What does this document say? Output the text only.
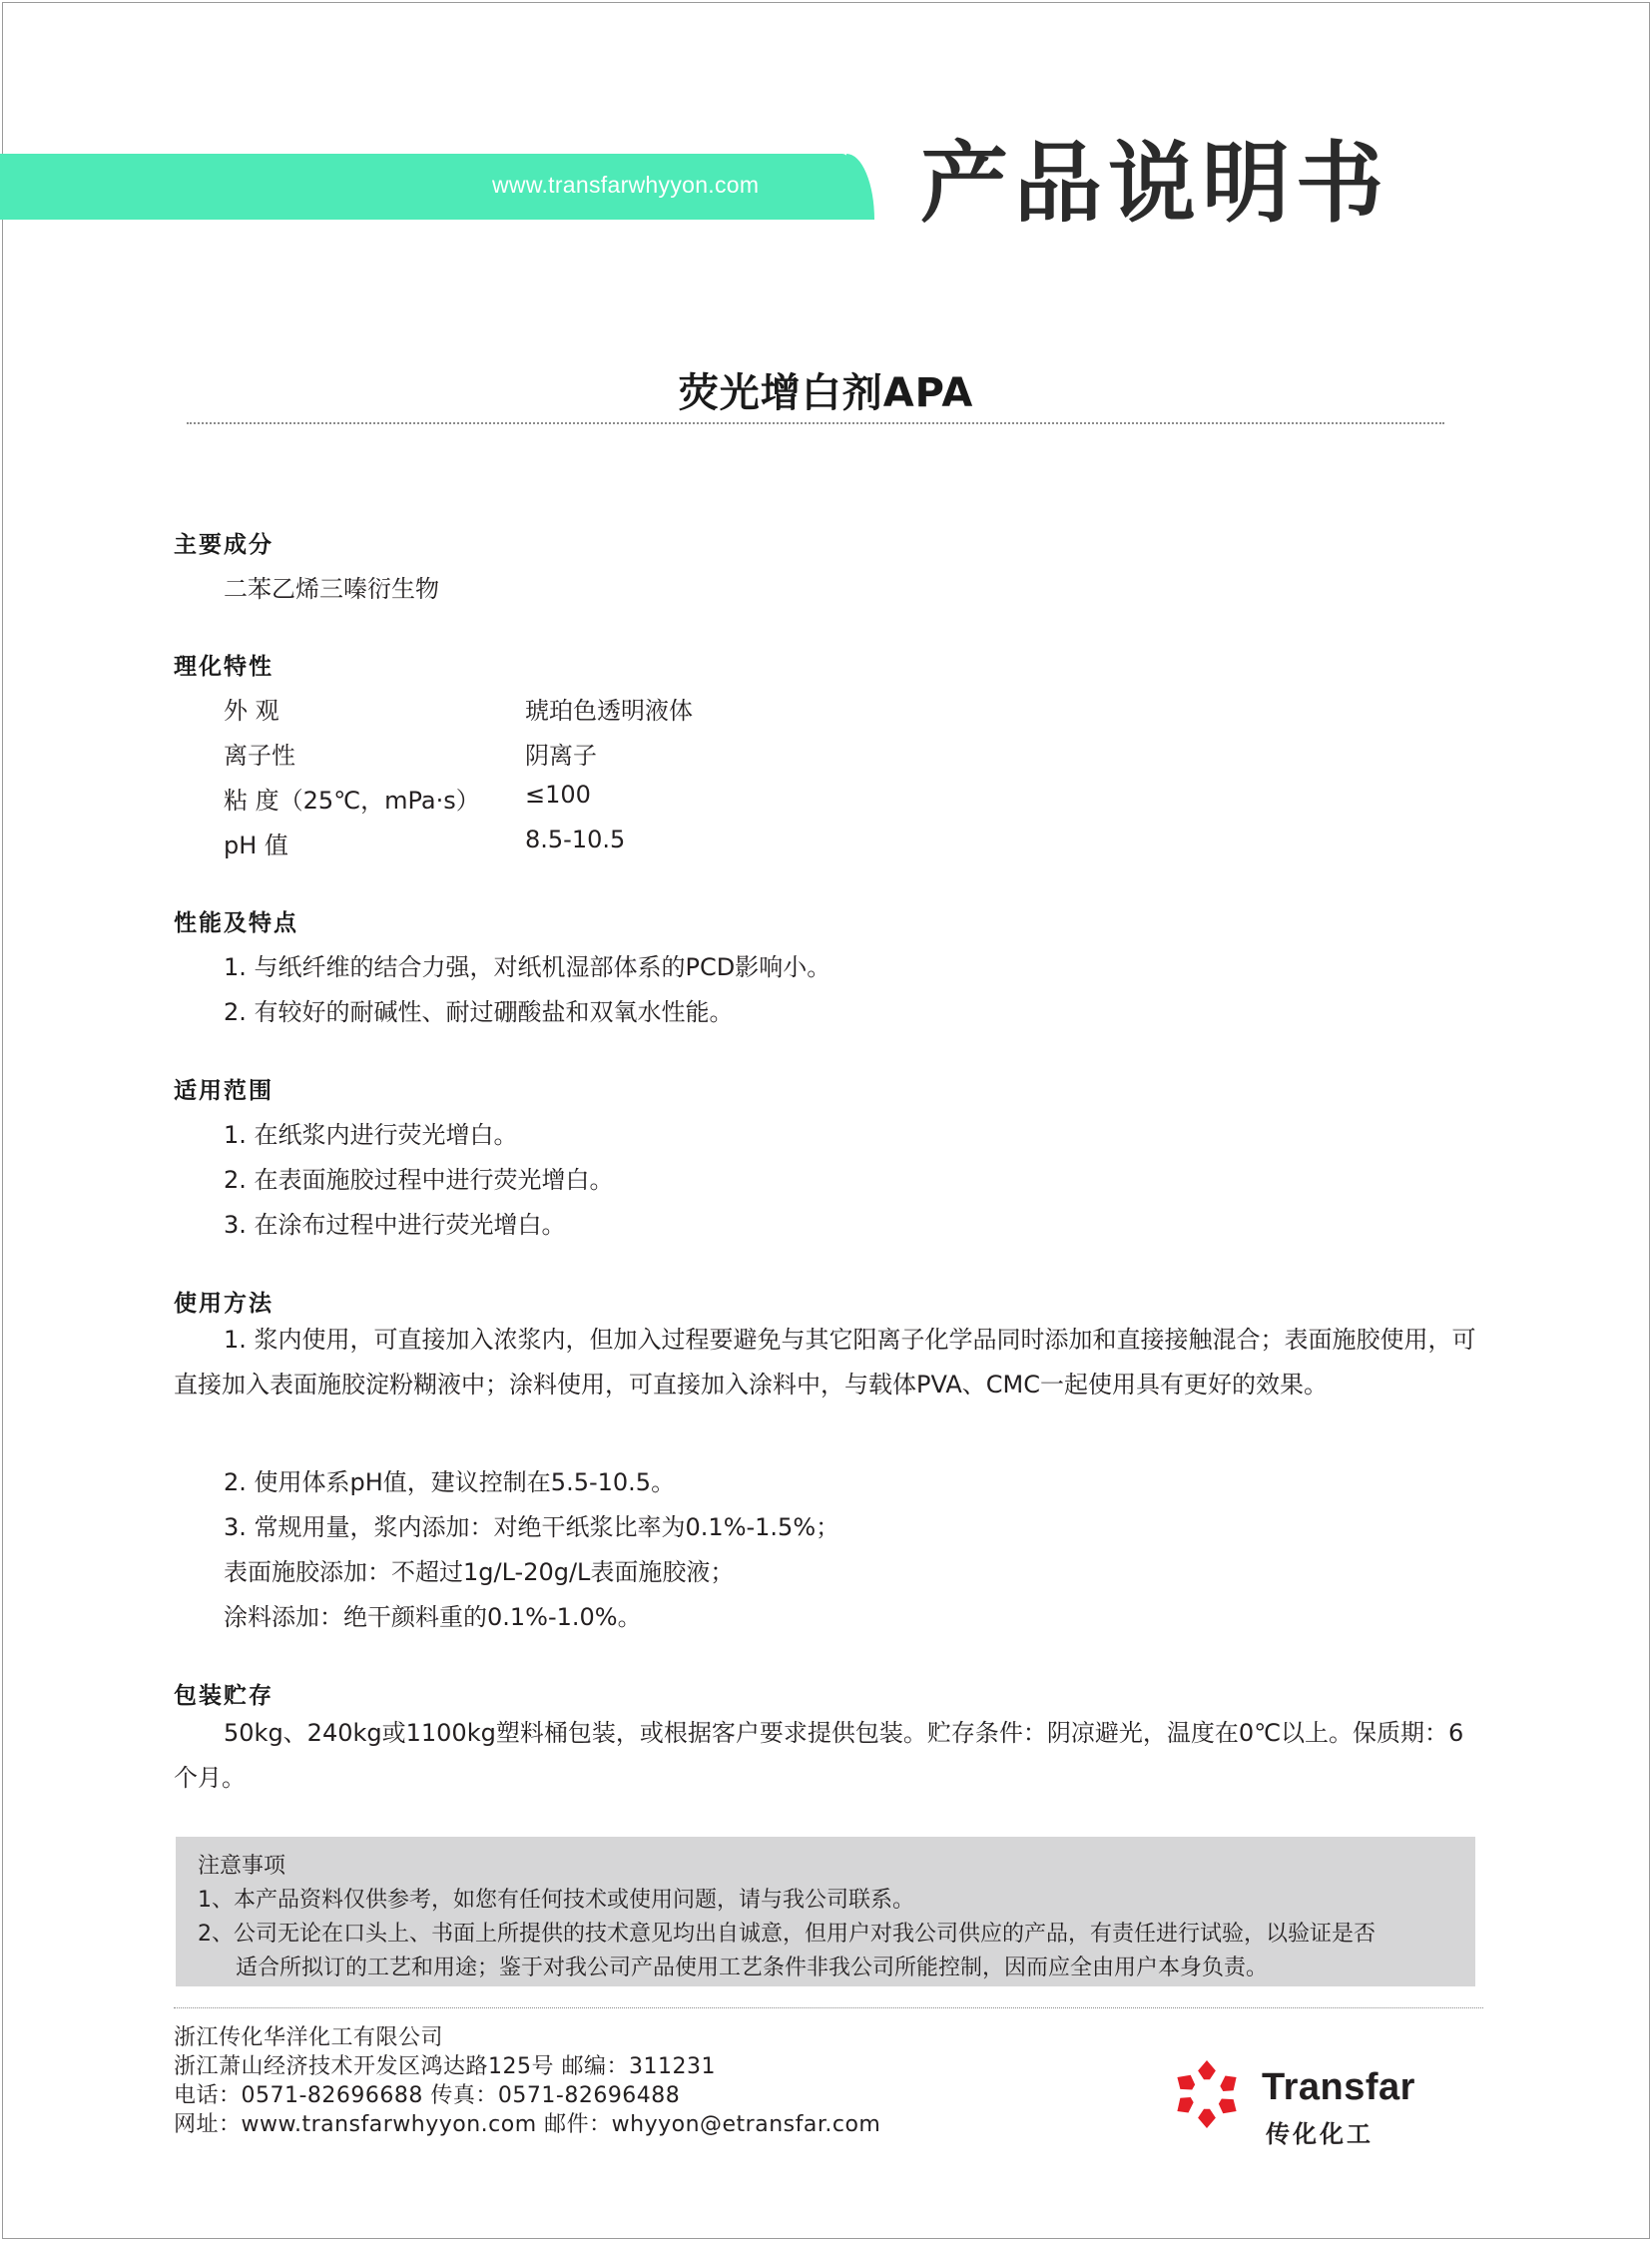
www.transfarwhyyon.com 产品说明书
荧光增白剂APA
主要成分
二苯乙烯三嗪衍生物
理化特性
外 观	琥珀色透明液体
离子性	阴离子
粘 度（25℃，mPa·s） ≤100
pH 值	8.5-10.5
性能及特点
1. 与纸纤维的结合力强，对纸机湿部体系的PCD影响小。
2. 有较好的耐碱性、耐过硼酸盐和双氧水性能。
适用范围
1. 在纸浆内进行荧光增白。
2. 在表面施胶过程中进行荧光增白。
3. 在涂布过程中进行荧光增白。
使用方法
1. 浆内使用，可直接加入浓浆内，但加入过程要避免与其它阳离子化学品同时添加和直接接触混合；表面施胶使用，可直接加入表面施胶淀粉糊液中；涂料使用，可直接加入涂料中，与载体PVA、CMC一起使用具有更好的效果。
2. 使用体系pH值，建议控制在5.5-10.5。
3. 常规用量，浆内添加：对绝干纸浆比率为0.1%-1.5%；
表面施胶添加：不超过1g/L-20g/L表面施胶液；
涂料添加：绝干颜料重的0.1%-1.0%。
包装贮存
50kg、240kg或1100kg塑料桶包装，或根据客户要求提供包装。贮存条件：阴凉避光，温度在0℃以上。保质期：6个月。
注意事项
1、本产品资料仅供参考，如您有任何技术或使用问题，请与我公司联系。
2、公司无论在口头上、书面上所提供的技术意见均出自诚意，但用户对我公司供应的产品，有责任进行试验，以验证是否
适合所拟订的工艺和用途；鉴于对我公司产品使用工艺条件非我公司所能控制，因而应全由用户本身负责。
浙江传化华洋化工有限公司
浙江萧山经济技术开发区鸿达路125号 邮编：311231
电话：0571-82696688 传真：0571-82696488
网址：www.transfarwhyyon.com 邮件：whyyon@etransfar.com
Transfar
传化化工
